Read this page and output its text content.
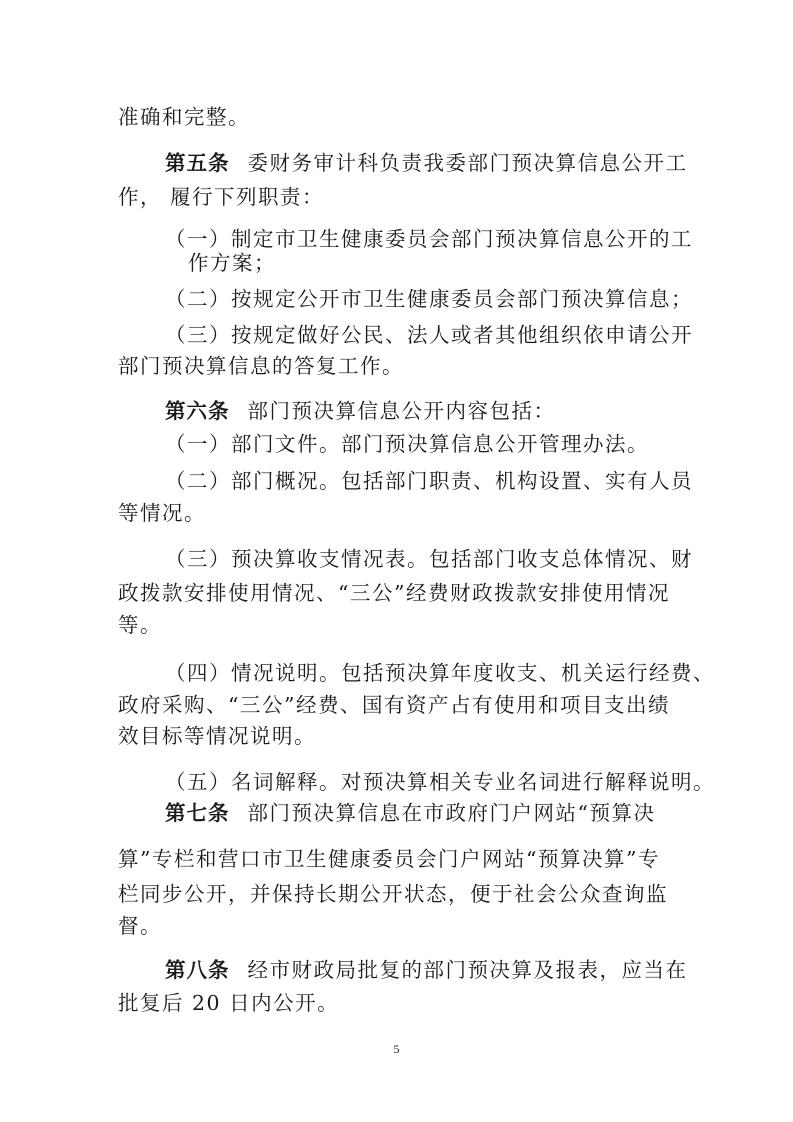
准确和完整。
第五条 委财务审计科负责我委部门预决算信息公开工
作， 履行下列职责：
（一）制定市卫生健康委员会部门预决算信息公开的工
作方案；
（二）按规定公开市卫生健康委员会部门预决算信息；
（三）按规定做好公民、法人或者其他组织依申请公开
部门预决算信息的答复工作。
第六条 部门预决算信息公开内容包括：
（一）部门文件。部门预决算信息公开管理办法。
（二）部门概况。包括部门职责、机构设置、实有人员
等情况。
（三）预决算收支情况表。包括部门收支总体情况、财
政拨款安排使用情况、“三公”经费财政拨款安排使用情况
等。
（四）情况说明。包括预决算年度收支、机关运行经费、
政府采购、“三公”经费、国有资产占有使用和项目支出绩
效目标等情况说明。
（五）名词解释。对预决算相关专业名词进行解释说明。
第七条 部门预决算信息在市政府门户网站“预算决
算”专栏和营口市卫生健康委员会门户网站“预算决算”专
栏同步公开，并保持长期公开状态，便于社会公众查询监
督。
第八条 经市财政局批复的部门预决算及报表，应当在
批复后 20 日内公开。
5
